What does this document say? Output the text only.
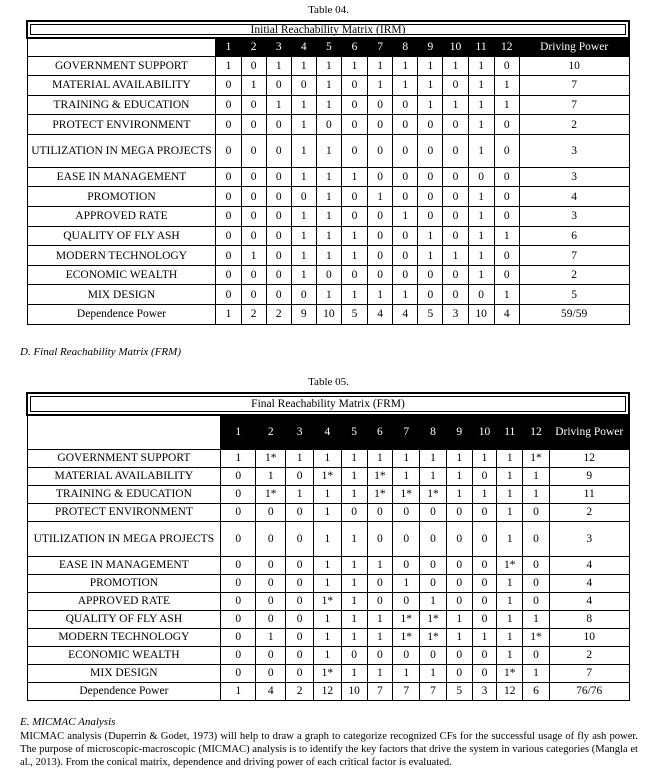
Table 04.
Initial Reachability Matrix (IRM)													
	1	2	3	4	5	6	7	8	9	10	11	12	Driving Power
GOVERNMENT SUPPORT	1	0	1	1	1	1	1	1	1	1	1	0	10
MATERIAL AVAILABILITY	0	1	0	0	1	0	1	1	1	0	1	1	7
TRAINING & EDUCATION	0	0	1	1	1	0	0	0	1	1	1	1	7
PROTECT ENVIRONMENT	0	0	0	1	0	0	0	0	0	0	1	0	2
UTILIZATION IN MEGA PROJECTS	0	0	0	1	1	0	0	0	0	0	1	0	3
EASE IN MANAGEMENT	0	0	0	1	1	1	0	0	0	0	0	0	3
PROMOTION	0	0	0	0	1	0	1	0	0	0	1	0	4
APPROVED RATE	0	0	0	1	1	0	0	1	0	0	1	0	3
QUALITY OF FLY ASH	0	0	0	1	1	1	0	0	1	0	1	1	6
MODERN TECHNOLOGY	0	1	0	1	1	1	0	0	1	1	1	0	7
ECONOMIC WEALTH	0	0	0	1	0	0	0	0	0	0	1	0	2
MIX DESIGN	0	0	0	0	1	1	1	1	0	0	0	1	5
Dependence Power	1	2	2	9	10	5	4	4	5	3	10	4	59/59
D. Final Reachability Matrix (FRM)
Table 05.
Final Reachability Matrix (FRM)													
	1	2	3	4	5	6	7	8	9	10	11	12	Driving Power
GOVERNMENT SUPPORT	1	1*	1	1	1	1	1	1	1	1	1	1*	12
MATERIAL AVAILABILITY	0	1	0	1*	1	1*	1	1	1	0	1	1	9
TRAINING & EDUCATION	0	1*	1	1	1	1*	1*	1*	1	1	1	1	11
PROTECT ENVIRONMENT	0	0	0	1	0	0	0	0	0	0	1	0	2
UTILIZATION IN MEGA PROJECTS	0	0	0	1	1	0	0	0	0	0	1	0	3
EASE IN MANAGEMENT	0	0	0	1	1	1	0	0	0	0	1*	0	4
PROMOTION	0	0	0	1	1	0	1	0	0	0	1	0	4
APPROVED RATE	0	0	0	1*	1	0	0	1	0	0	1	0	4
QUALITY OF FLY ASH	0	0	0	1	1	1	1*	1*	1	0	1	1	8
MODERN TECHNOLOGY	0	1	0	1	1	1	1*	1*	1	1	1	1*	10
ECONOMIC WEALTH	0	0	0	1	0	0	0	0	0	0	1	0	2
MIX DESIGN	0	0	0	1*	1	1	1	1	0	0	1*	1	7
Dependence Power	1	4	2	12	10	7	7	7	5	3	12	6	76/76
E. MICMAC Analysis
MICMAC analysis (Duperrin & Godet, 1973) will help to draw a graph to categorize recognized CFs for the successful usage of fly ash power. The purpose of microscopic-macroscopic (MICMAC) analysis is to identify the key factors that drive the system in various categories (Mangla et al., 2013). From the conical matrix, dependence and driving power of each critical factor is evaluated.
